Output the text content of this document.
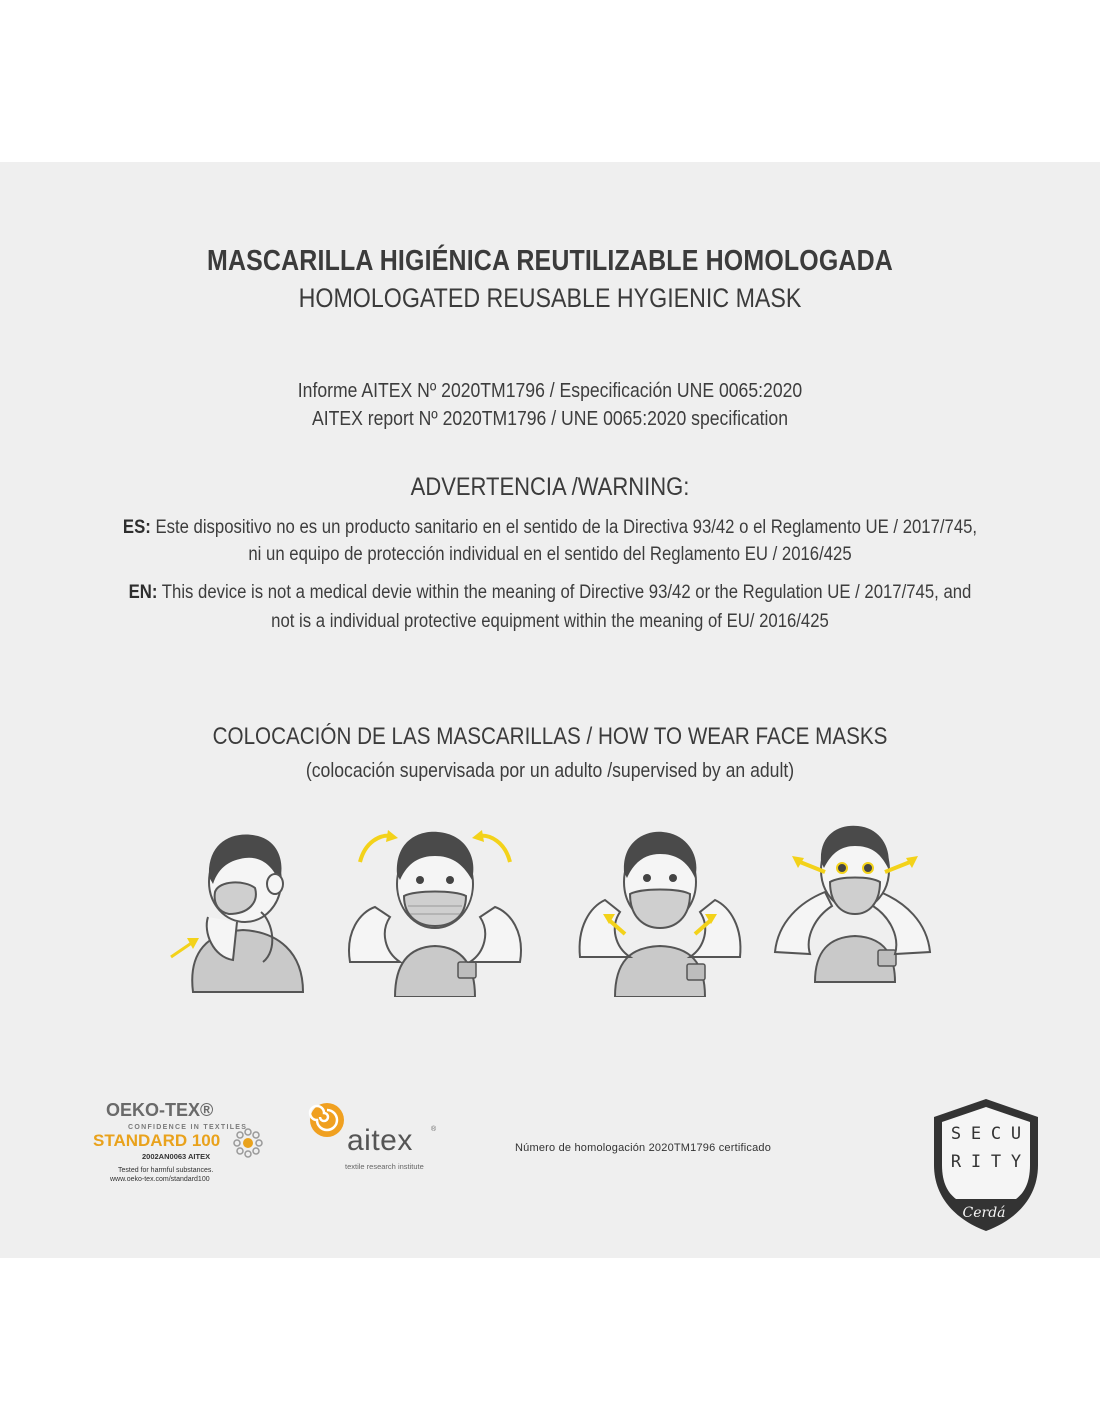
MASCARILLA HIGIÉNICA REUTILIZABLE HOMOLOGADA
HOMOLOGATED REUSABLE HYGIENIC MASK
Informe AITEX Nº 2020TM1796 / Especificación UNE 0065:2020
AITEX report Nº 2020TM1796 / UNE 0065:2020 specification
ADVERTENCIA /WARNING:
ES: Este dispositivo no es un producto sanitario en el sentido de la Directiva 93/42 o el Reglamento UE / 2017/745,
ni un equipo de protección individual en el sentido del Reglamento EU / 2016/425
EN: This device is not a medical devie within the meaning of Directive 93/42 or the Regulation UE / 2017/745, and
not is a individual protective equipment within the meaning of EU/ 2016/425
COLOCACIÓN DE LAS MASCARILLAS / HOW TO WEAR FACE MASKS
(colocación supervisada por un adulto /supervised by an adult)
OEKO-TEX®
CONFIDENCE IN TEXTILES
STANDARD 100
2002AN0063 AITEX
Tested for harmful substances.
www.oeko-tex.com/standard100
aitex	®
textile research institute
Número de homologación 2020TM1796 certificado
S E C U
R I T Y
Cerdá
